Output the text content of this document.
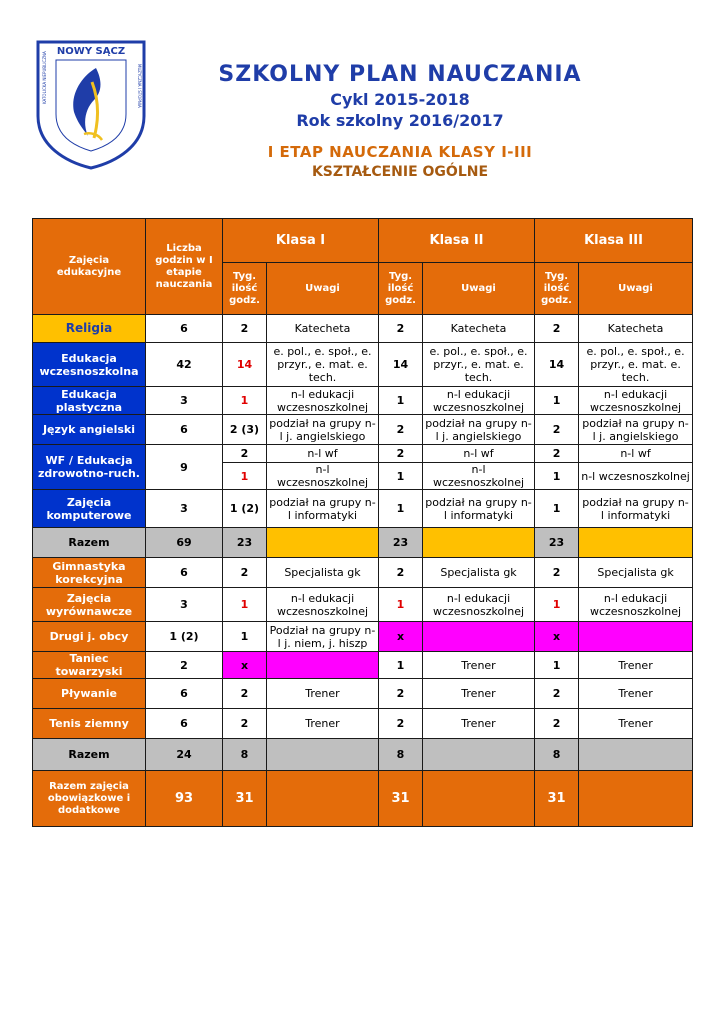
NOWY SĄCZ
KATOLICKA NIEPUBLICZNA	MUZYCZNA I STOPNIA	SZKOLNY PLAN NAUCZANIA
Cykl 2015-2018
Rok szkolny 2016/2017
I ETAP NAUCZANIA KLASY I-III
KSZTAŁCENIE OGÓLNE
Zajęcia edukacyjne	Liczba godzin w I etapie nauczania	Klasa I		Klasa II		Klasa III	
		Tyg. ilość godz.	Uwagi	Tyg. ilość godz.	Uwagi	Tyg. ilość godz.	Uwagi
Religia	6	2	Katecheta	2	Katecheta	2	Katecheta
Edukacja wczesnoszkolna	42	14	e. pol., e. społ., e. przyr., e. mat. e. tech.	14	e. pol., e. społ., e. przyr., e. mat. e. tech.	14	e. pol., e. społ., e. przyr., e. mat. e. tech.
Edukacja plastyczna	3	1	n-l edukacji wczesnoszkolnej	1	n-l edukacji wczesnoszkolnej	1	n-l edukacji wczesnoszkolnej
Język angielski	6	2 (3)	podział na grupy n-l j. angielskiego	2	podział na grupy n-l j. angielskiego	2	podział na grupy n-l j. angielskiego
WF / Edukacja zdrowotno-ruch.	9	2	n-l wf	2	n-l wf	2	n-l wf
		1	n-l wczesnoszkolnej	1	n-l wczesnoszkolnej	1	n-l wczesnoszkolnej
Zajęcia komputerowe	3	1 (2)	podział na grupy n-l informatyki	1	podział na grupy n-l informatyki	1	podział na grupy n-l informatyki
Razem	69	23		23		23	
Gimnastyka korekcyjna	6	2	Specjalista gk	2	Specjalista gk	2	Specjalista gk
Zajęcia wyrównawcze	3	1	n-l edukacji wczesnoszkolnej	1	n-l edukacji wczesnoszkolnej	1	n-l edukacji wczesnoszkolnej
Drugi j. obcy	1 (2)	1	Podział na grupy n-l j. niem, j. hiszp	x		x	
Taniec towarzyski	2	x		1	Trener	1	Trener
Pływanie	6	2	Trener	2	Trener	2	Trener
Tenis ziemny	6	2	Trener	2	Trener	2	Trener
Razem	24	8		8		8	
Razem zajęcia obowiązkowe i dodatkowe	93	31		31		31	
